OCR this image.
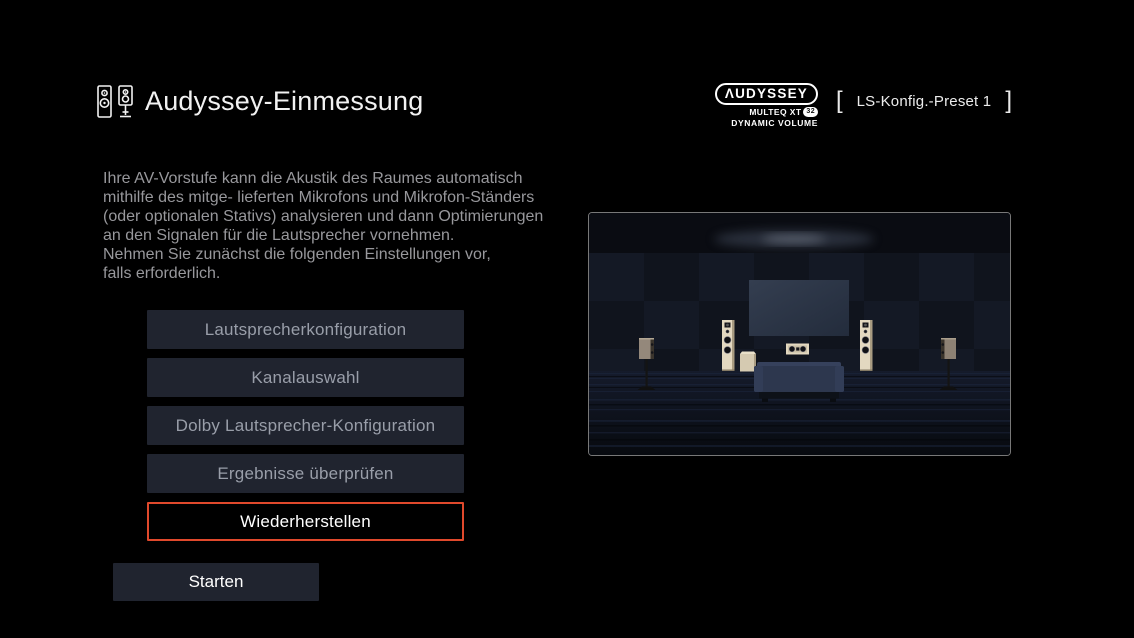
Audyssey-Einmessung	ΛUDYSSEY
MULTEQ XT 32
DYNAMIC VOLUME
[ LS-Konfig.-Preset 1 ]
Ihre AV-Vorstufe kann die Akustik des Raumes automatisch
mithilfe des mitge- lieferten Mikrofons und Mikrofon-Ständers
(oder optionalen Stativs) analysieren und dann Optimierungen
an den Signalen für die Lautsprecher vornehmen.
Nehmen Sie zunächst die folgenden Einstellungen vor,
falls erforderlich.
Lautsprecherkonfiguration
Kanalauswahl
Dolby Lautsprecher-Konfiguration
Ergebnisse überprüfen
Wiederherstellen
Starten
